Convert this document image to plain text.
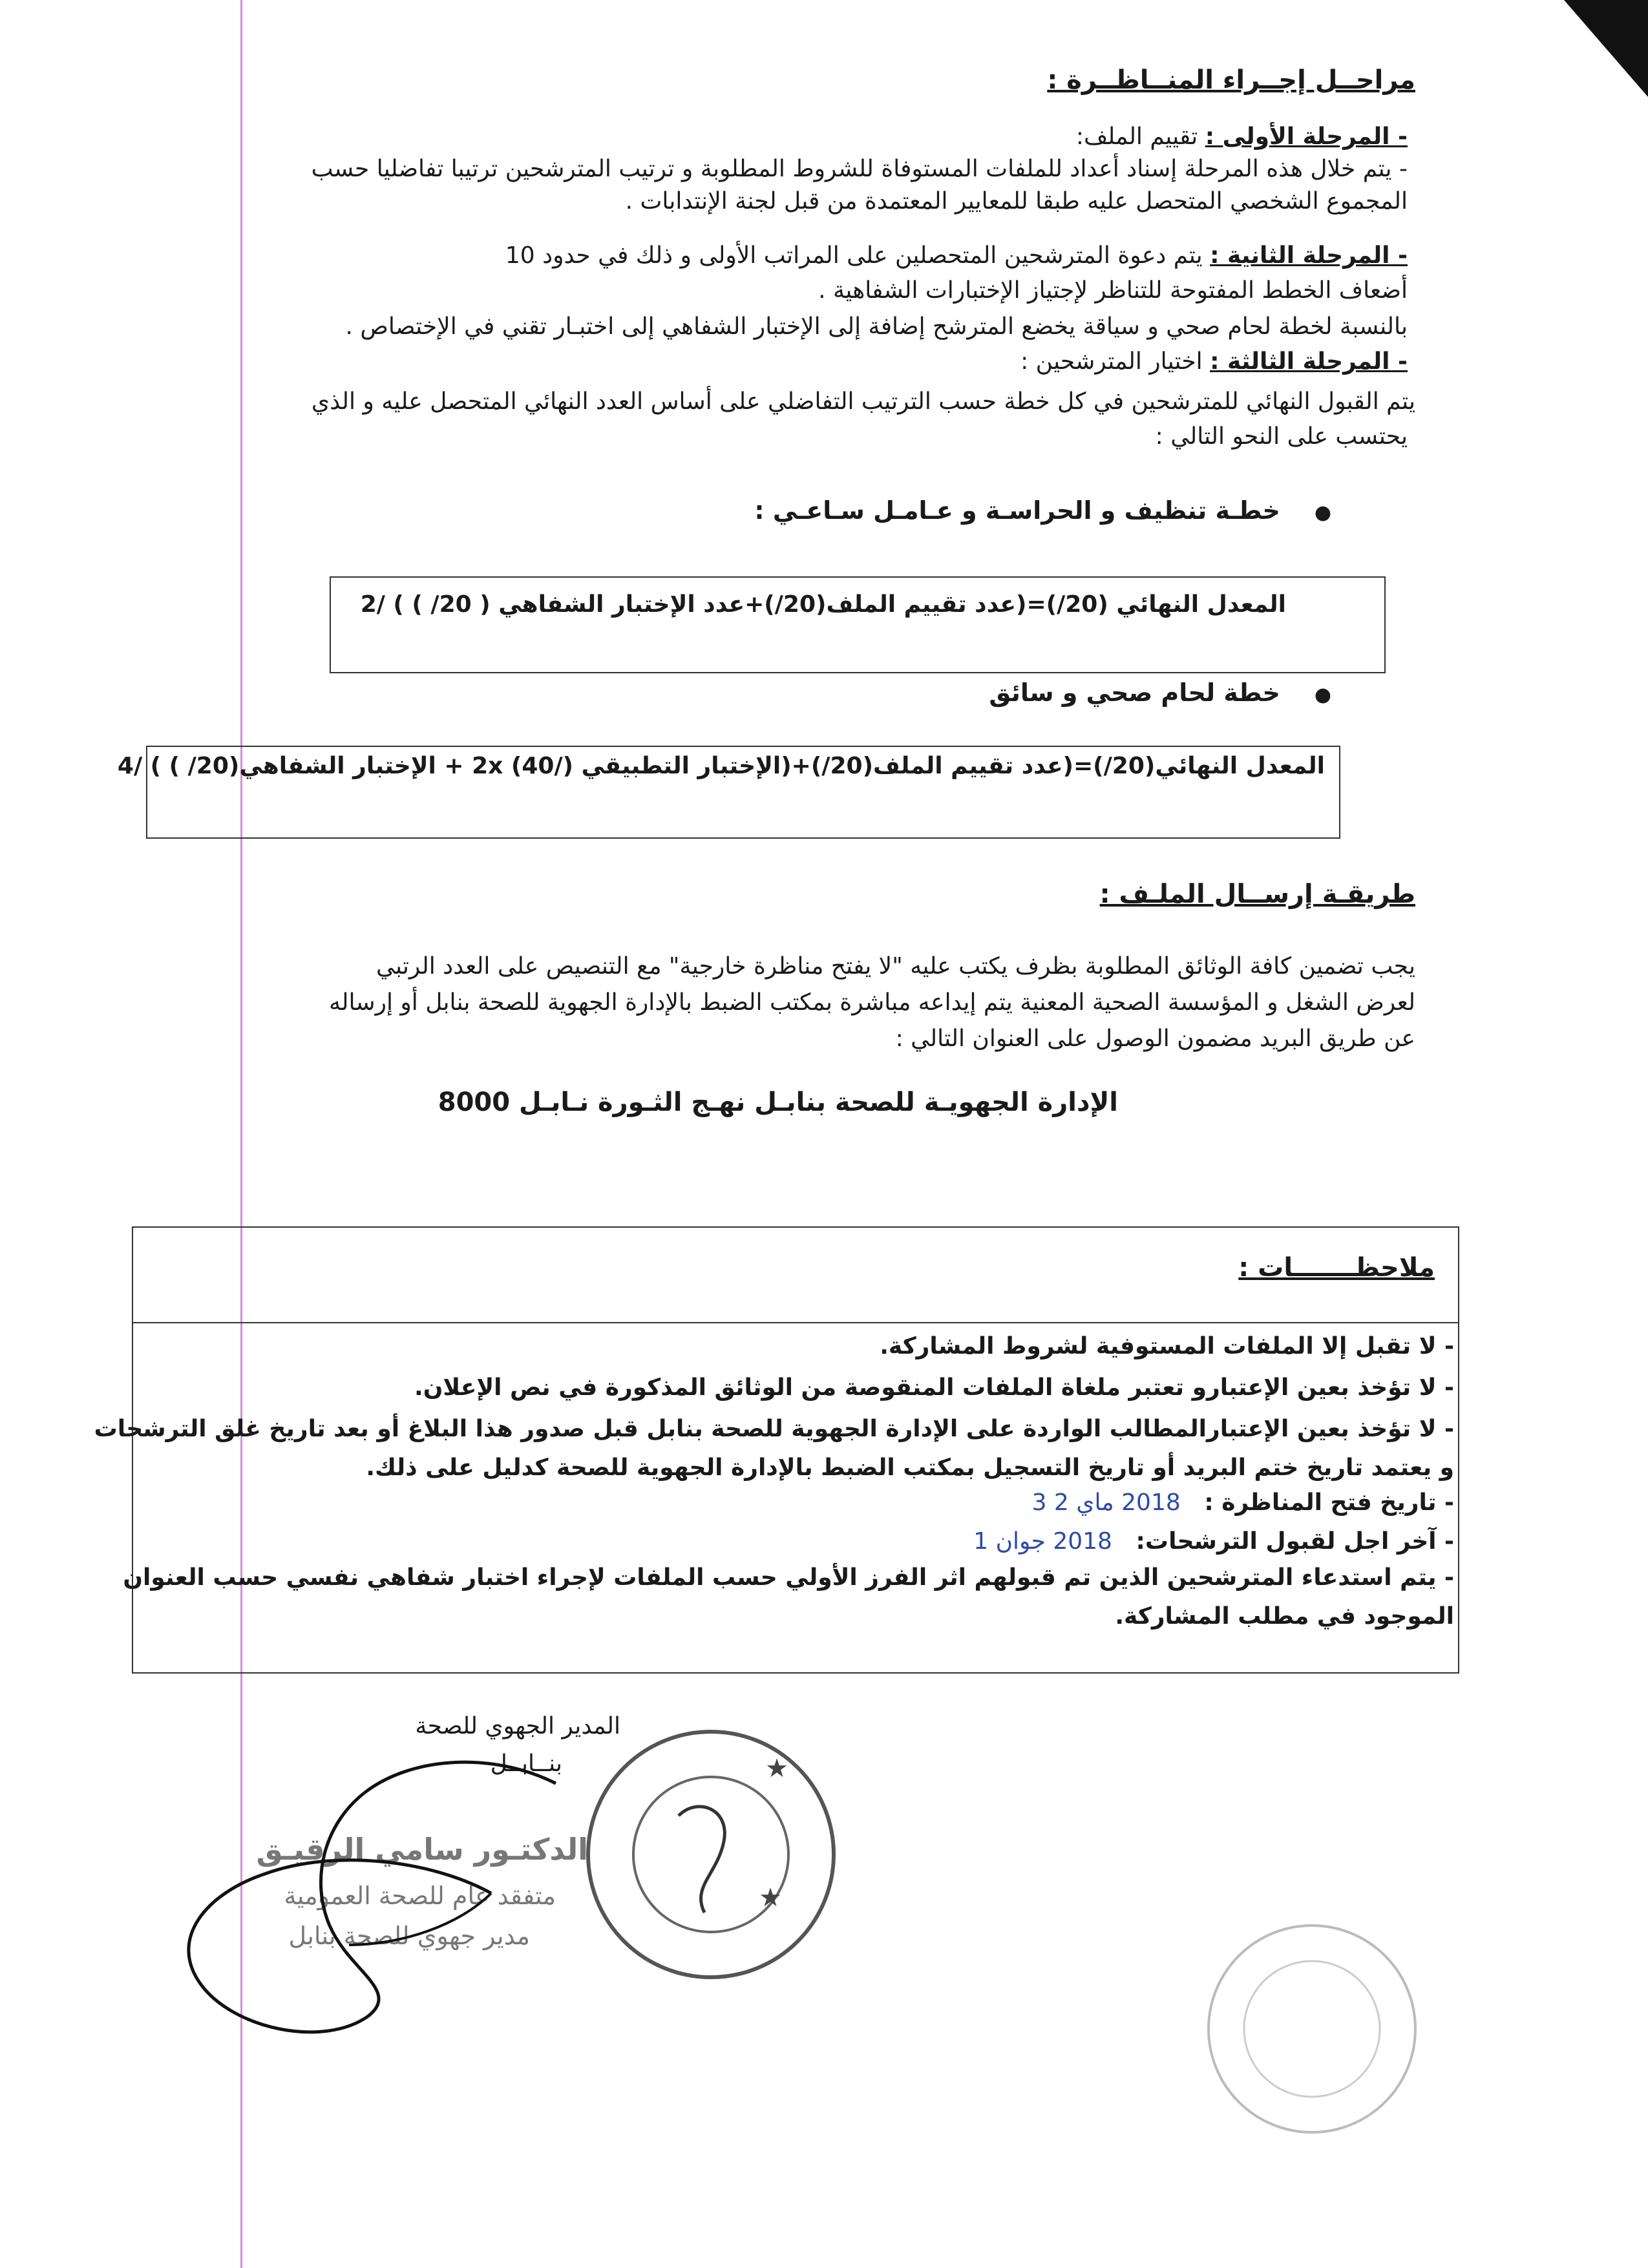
مراحــل إجــراء المنــاظــرة :
- المرحلة الأولى : تقييم الملف:
- يتم خلال هذه المرحلة إسناد أعداد للملفات المستوفاة للشروط المطلوبة و ترتيب المترشحين ترتيبا تفاضليا حسب
المجموع الشخصي المتحصل عليه طبقا للمعايير المعتمدة من قبل لجنة الإنتدابات .
- المرحلة الثانية : يتم دعوة المترشحين المتحصلين على المراتب الأولى و ذلك في حدود 10
أضعاف الخطط المفتوحة للتناظر لإجتياز الإختبارات الشفاهية .
بالنسبة لخطة لحام صحي و سياقة يخضع المترشح إضافة إلى الإختبار الشفاهي إلى اختبـار تقني في الإختصاص .
- المرحلة الثالثة : اختيار المترشحين :
يتم القبول النهائي للمترشحين في كل خطة حسب الترتيب التفاضلي على أساس العدد النهائي المتحصل عليه و الذي
يحتسب على النحو التالي :
●    خطـة تنظيف و الحراسـة و عـامـل سـاعـي :
المعدل النهائي (20/)=(عدد تقييم الملف(20/)+عدد الإختبار الشفاهي ( 20/ ) ) /2
●    خطة لحام صحي و سائق
المعدل النهائي(20/)=(عدد تقييم الملف(20/)+(الإختبار التطبيقي 2x (40/) + الإختبار الشفاهي(20/ ) ) /4
طريقـة إرســال الملـف :
يجب تضمين كافة الوثائق المطلوبة بظرف يكتب عليه "لا يفتح مناظرة خارجية" مع التنصيص على العدد الرتبي
لعرض الشغل و المؤسسة الصحية المعنية يتم إيداعه مباشرة بمكتب الضبط بالإدارة الجهوية للصحة بنابل أو إرساله
عن طريق البريد مضمون الوصول على العنوان التالي :
الإدارة الجهويـة للصحة بنابـل نهـج الثـورة نـابـل 8000
ملاحظـــــــات :
- لا تقبل إلا الملفات المستوفية لشروط المشاركة.
- لا تؤخذ بعين الإعتبارو تعتبر ملغاة الملفات المنقوصة من الوثائق المذكورة في نص الإعلان.
- لا تؤخذ بعين الإعتبارالمطالب الواردة على الإدارة الجهوية للصحة بنابل قبل صدور هذا البلاغ أو بعد تاريخ غلق الترشحات
و يعتمد تاريخ ختم البريد أو تاريخ التسجيل بمكتب الضبط بالإدارة الجهوية للصحة كدليل على ذلك.
- تاريخ فتح المناظرة : 2018 ماي 2 3
- آخر اجل لقبول الترشحات: 2018 جوان 1
- يتم استدعاء المترشحين الذين تم قبولهم اثر الفرز الأولي حسب الملفات لإجراء اختبار شفاهي نفسي حسب العنوان
الموجود في مطلب المشاركة.
المدير الجهوي للصحة
بنــابــل
الدكتـور سامي الرقيـق
متفقد عام للصحة العمومية
مدير جهوي للصحة بنابل
★
★
